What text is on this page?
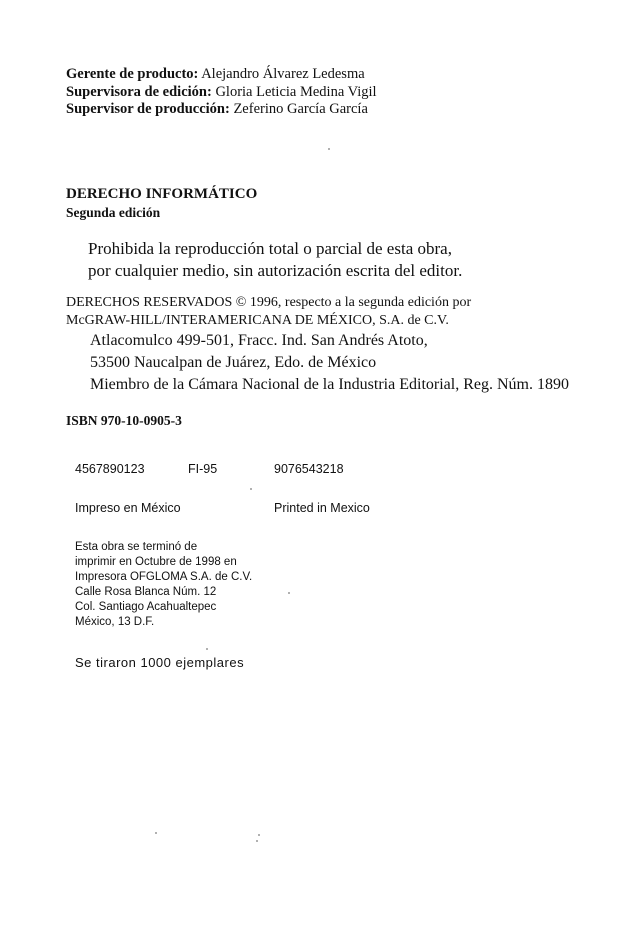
Gerente de producto: Alejandro Álvarez Ledesma
Supervisora de edición: Gloria Leticia Medina Vigil
Supervisor de producción: Zeferino García García
DERECHO INFORMÁTICO
Segunda edición
Prohibida la reproducción total o parcial de esta obra,
por cualquier medio, sin autorización escrita del editor.
DERECHOS RESERVADOS © 1996, respecto a la segunda edición por
McGRAW-HILL/INTERAMERICANA DE MÉXICO, S.A. de C.V.
Atlacomulco 499-501, Fracc. Ind. San Andrés Atoto,
53500 Naucalpan de Juárez, Edo. de México
Miembro de la Cámara Nacional de la Industria Editorial, Reg. Núm. 1890
ISBN 970-10-0905-3
4567890123	FI-95	9076543218
Impreso en México	Printed in Mexico
Esta obra se terminó de
imprimir en Octubre de 1998 en
Impresora OFGLOMA S.A. de C.V.
Calle Rosa Blanca Núm. 12
Col. Santiago Acahualtepec
México, 13 D.F.
Se tiraron 1000 ejemplares
